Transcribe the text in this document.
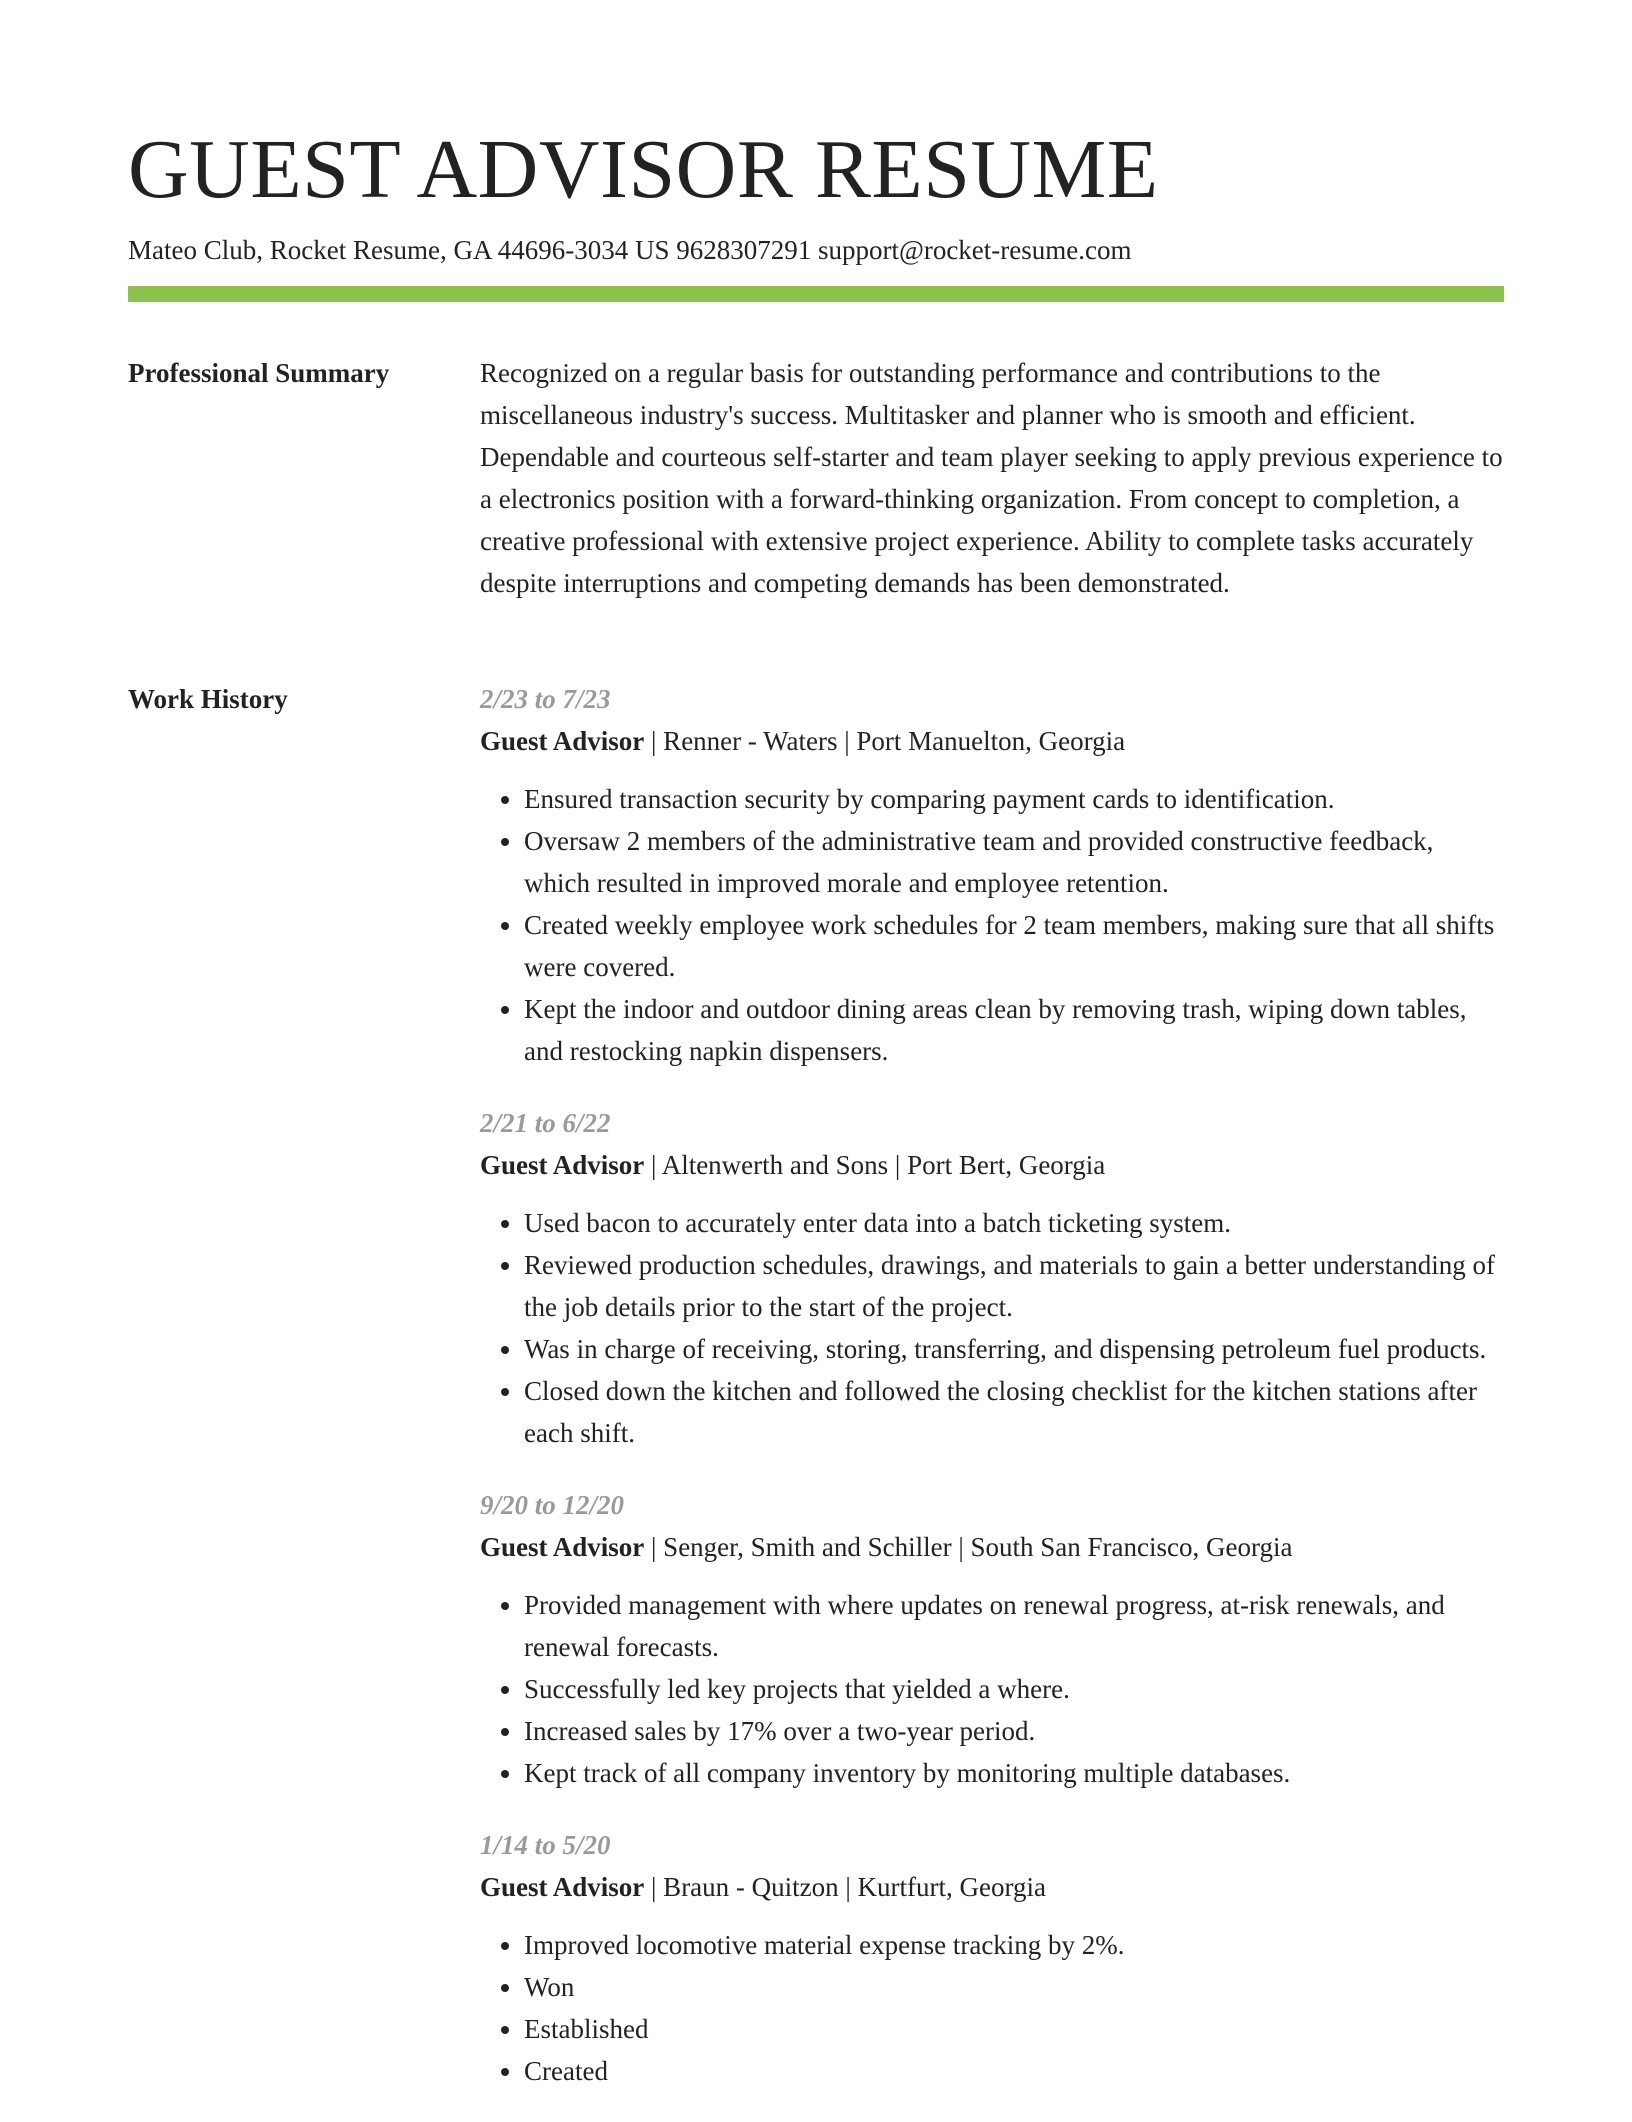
GUEST ADVISOR RESUME
Mateo Club, Rocket Resume, GA 44696-3034 US 9628307291 support@rocket-resume.com
Professional Summary	Recognized on a regular basis for outstanding performance and contributions to the miscellaneous industry's success. Multitasker and planner who is smooth and efficient. Dependable and courteous self-starter and team player seeking to apply previous experience to a electronics position with a forward-thinking organization. From concept to completion, a creative professional with extensive project experience. Ability to complete tasks accurately despite interruptions and competing demands has been demonstrated.

Work History	2/23 to 7/23
Guest Advisor | Renner - Waters | Port Manuelton, Georgia
• Ensured transaction security by comparing payment cards to identification.
• Oversaw 2 members of the administrative team and provided constructive feedback, which resulted in improved morale and employee retention.
• Created weekly employee work schedules for 2 team members, making sure that all shifts were covered.
• Kept the indoor and outdoor dining areas clean by removing trash, wiping down tables, and restocking napkin dispensers.
2/21 to 6/22
Guest Advisor | Altenwerth and Sons | Port Bert, Georgia
• Used bacon to accurately enter data into a batch ticketing system.
• Reviewed production schedules, drawings, and materials to gain a better understanding of the job details prior to the start of the project.
• Was in charge of receiving, storing, transferring, and dispensing petroleum fuel products.
• Closed down the kitchen and followed the closing checklist for the kitchen stations after each shift.
9/20 to 12/20
Guest Advisor | Senger, Smith and Schiller | South San Francisco, Georgia
• Provided management with where updates on renewal progress, at-risk renewals, and renewal forecasts.
• Successfully led key projects that yielded a where.
• Increased sales by 17% over a two-year period.
• Kept track of all company inventory by monitoring multiple databases.
1/14 to 5/20
Guest Advisor | Braun - Quitzon | Kurtfurt, Georgia
• Improved locomotive material expense tracking by 2%.
• Won
• Established
• Created
